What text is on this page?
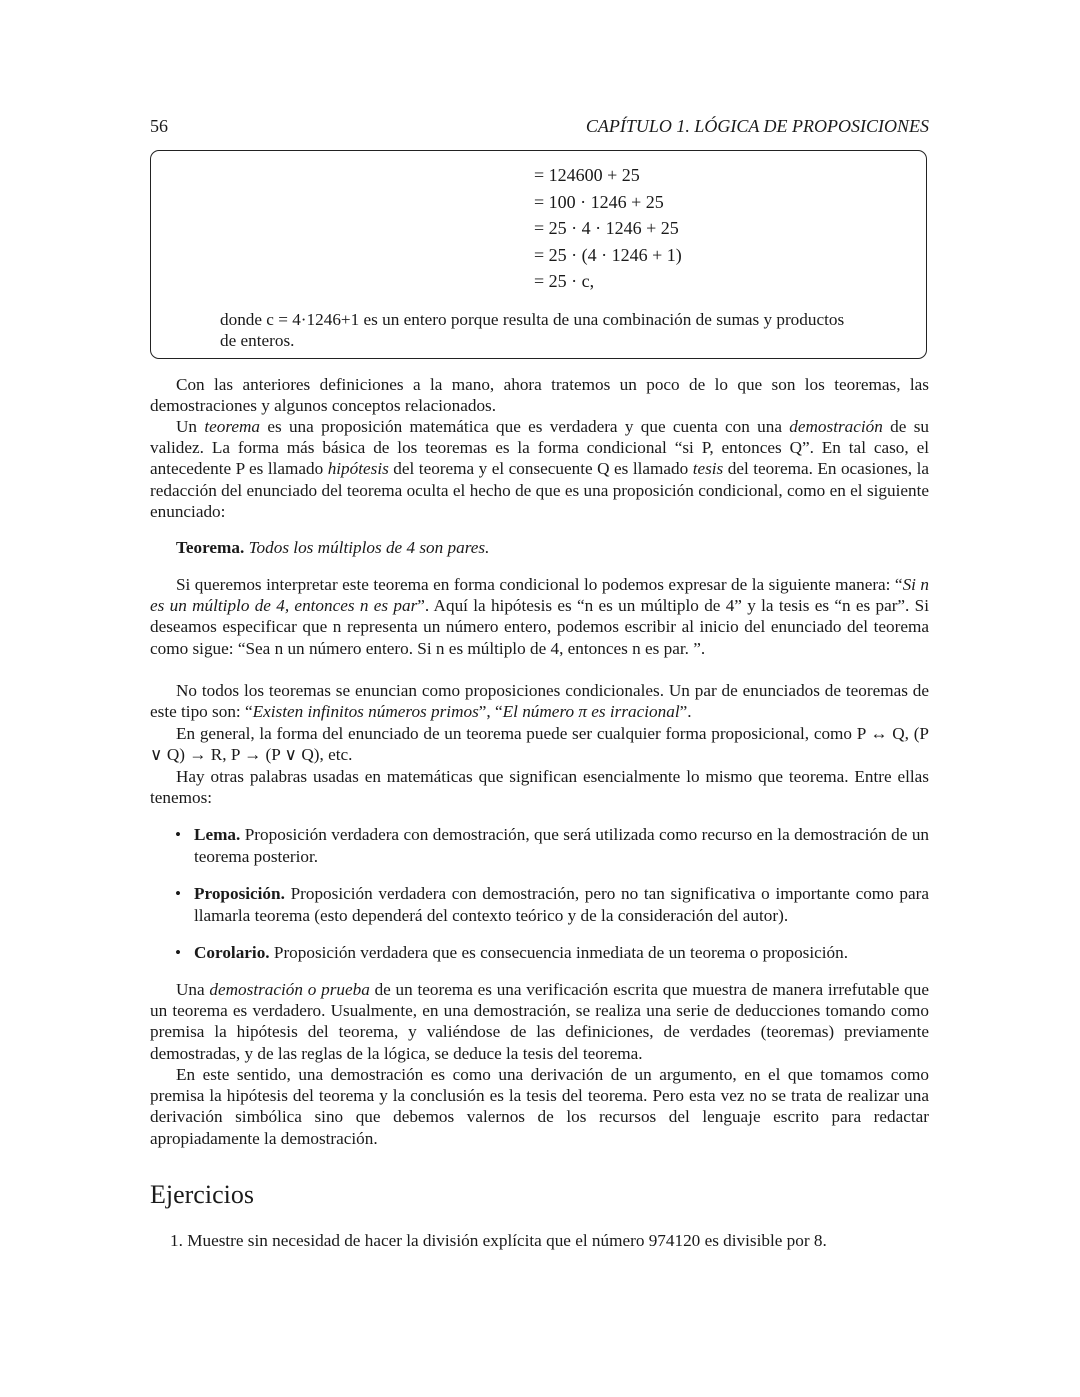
56	CAPÍTULO 1. LÓGICA DE PROPOSICIONES
= 124600 + 25
= 100 · 1246 + 25
= 25 · 4 · 1246 + 25
= 25 · (4 · 1246 + 1)
= 25 · c,
donde c = 4·1246+1 es un entero porque resulta de una combinación de sumas y productos
de enteros.
Con las anteriores definiciones a la mano, ahora tratemos un poco de lo que son los teoremas, las demostraciones y algunos conceptos relacionados.
Un teorema es una proposición matemática que es verdadera y que cuenta con una demostración de su validez. La forma más básica de los teoremas es la forma condicional “si P, entonces Q”. En tal caso, el antecedente P es llamado hipótesis del teorema y el consecuente Q es llamado tesis del teorema. En ocasiones, la redacción del enunciado del teorema oculta el hecho de que es una proposición condicional, como en el siguiente enunciado:
Teorema. Todos los múltiplos de 4 son pares.
Si queremos interpretar este teorema en forma condicional lo podemos expresar de la siguiente manera: “Si n es un múltiplo de 4, entonces n es par”. Aquí la hipótesis es “n es un múltiplo de 4” y la tesis es “n es par”. Si deseamos especificar que n representa un número entero, podemos escribir al inicio del enunciado del teorema como sigue: “Sea n un número entero. Si n es múltiplo de 4, entonces n es par. ”.
No todos los teoremas se enuncian como proposiciones condicionales. Un par de enunciados de teoremas de este tipo son: “Existen infinitos números primos”, “El número π es irracional”.
En general, la forma del enunciado de un teorema puede ser cualquier forma proposicional, como P ↔ Q, (P ∨ Q) → R, P → (P ∨ Q), etc.
Hay otras palabras usadas en matemáticas que significan esencialmente lo mismo que teorema. Entre ellas tenemos:
• Lema. Proposición verdadera con demostración, que será utilizada como recurso en la demostración de un teorema posterior.
• Proposición. Proposición verdadera con demostración, pero no tan significativa o importante como para llamarla teorema (esto dependerá del contexto teórico y de la consideración del autor).
• Corolario. Proposición verdadera que es consecuencia inmediata de un teorema o proposición.
Una demostración o prueba de un teorema es una verificación escrita que muestra de manera irrefutable que un teorema es verdadero. Usualmente, en una demostración, se realiza una serie de deducciones tomando como premisa la hipótesis del teorema, y valiéndose de las definiciones, de verdades (teoremas) previamente demostradas, y de las reglas de la lógica, se deduce la tesis del teorema.
En este sentido, una demostración es como una derivación de un argumento, en el que tomamos como premisa la hipótesis del teorema y la conclusión es la tesis del teorema. Pero esta vez no se trata de realizar una derivación simbólica sino que debemos valernos de los recursos del lenguaje escrito para redactar apropiadamente la demostración.
Ejercicios
1. Muestre sin necesidad de hacer la división explícita que el número 974120 es divisible por 8.
